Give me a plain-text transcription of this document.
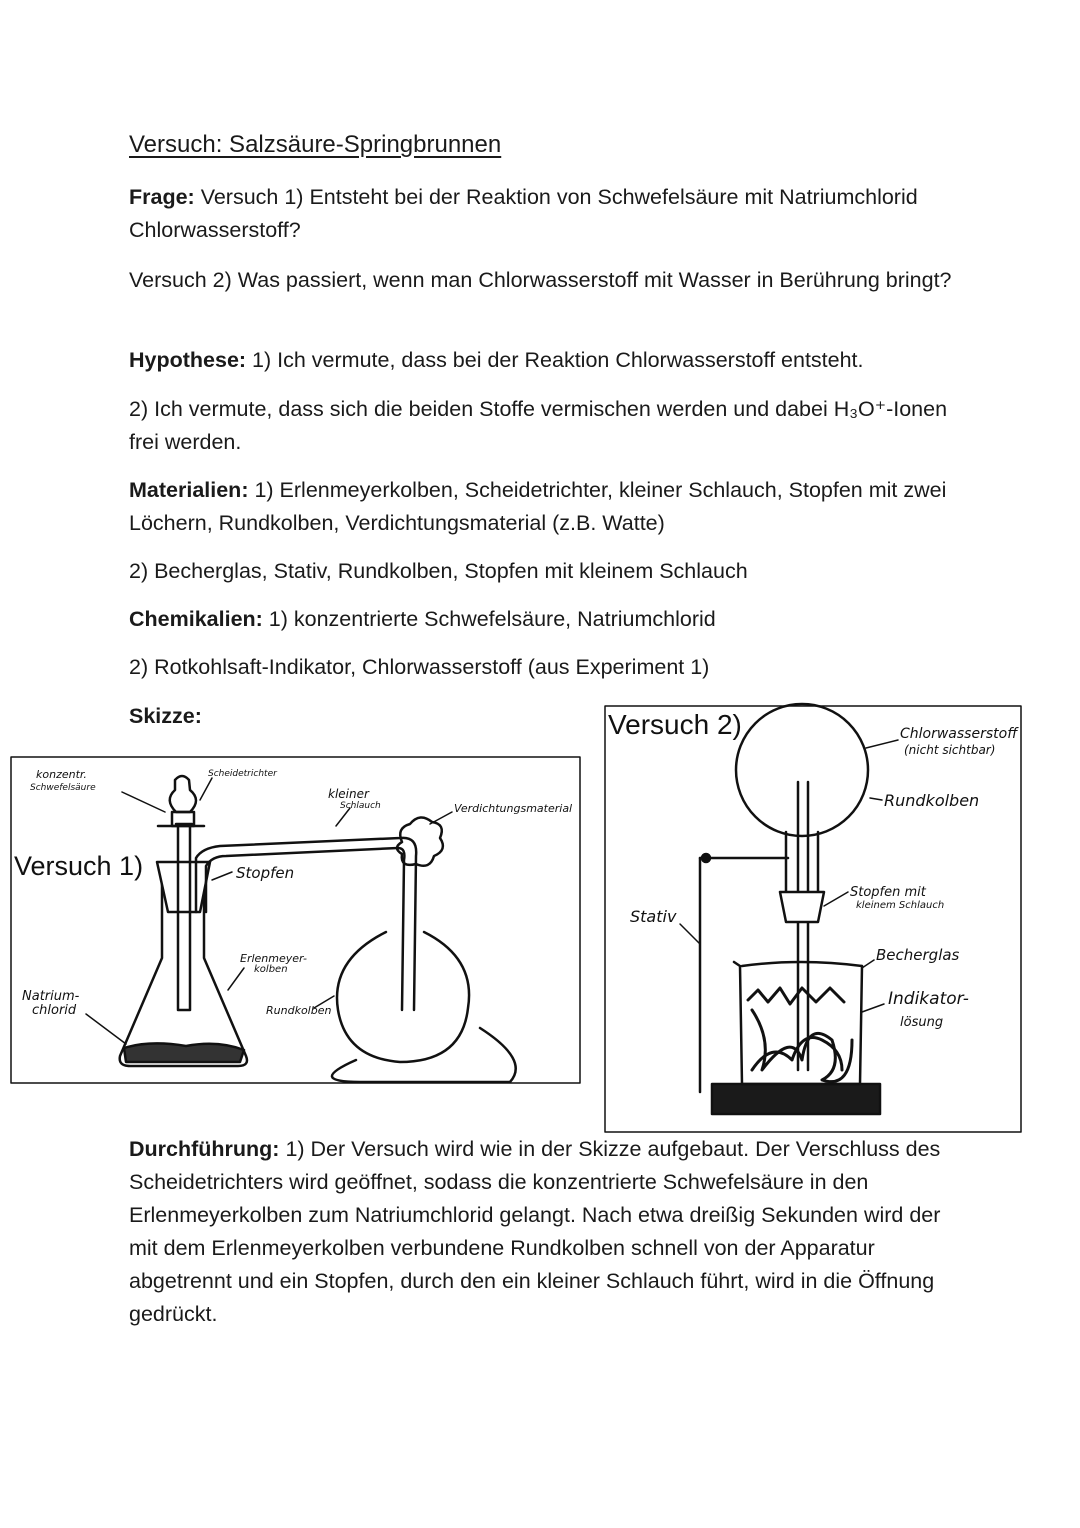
Versuch: Salzsäure-Springbrunnen
Frage: Versuch 1) Entsteht bei der Reaktion von Schwefelsäure mit Natriumchlorid Chlorwasserstoff?
Versuch 2) Was passiert, wenn man Chlorwasserstoff mit Wasser in Berührung bringt?
Hypothese: 1) Ich vermute, dass bei der Reaktion Chlorwasserstoff entsteht.
2) Ich vermute, dass sich die beiden Stoffe vermischen werden und dabei H₃O⁺-Ionen frei werden.
Materialien: 1) Erlenmeyerkolben, Scheidetrichter, kleiner Schlauch, Stopfen mit zwei Löchern, Rundkolben, Verdichtungsmaterial (z.B. Watte)
2) Becherglas, Stativ, Rundkolben, Stopfen mit kleinem Schlauch
Chemikalien: 1) konzentrierte Schwefelsäure, Natriumchlorid
2) Rotkohlsaft-Indikator, Chlorwasserstoff (aus Experiment 1)
Skizze:
Versuch 1)
konzentr.
Schwefelsäure
Scheidetrichter
kleiner
Schlauch	Verdichtungsmaterial
Stopfen
Erlenmeyer-
kolben
Natrium-
chlorid	Rundkolben
Versuch 2)	Chlorwasserstoff
(nicht sichtbar)
Rundkolben
Stopfen mit
kleinem Schlauch
Stativ
Becherglas
Indikator-
lösung
Durchführung: 1) Der Versuch wird wie in der Skizze aufgebaut. Der Verschluss des Scheidetrichters wird geöffnet, sodass die konzentrierte Schwefelsäure in den Erlenmeyerkolben zum Natriumchlorid gelangt. Nach etwa dreißig Sekunden wird der mit dem Erlenmeyerkolben verbundene Rundkolben schnell von der Apparatur abgetrennt und ein Stopfen, durch den ein kleiner Schlauch führt, wird in die Öffnung gedrückt.
